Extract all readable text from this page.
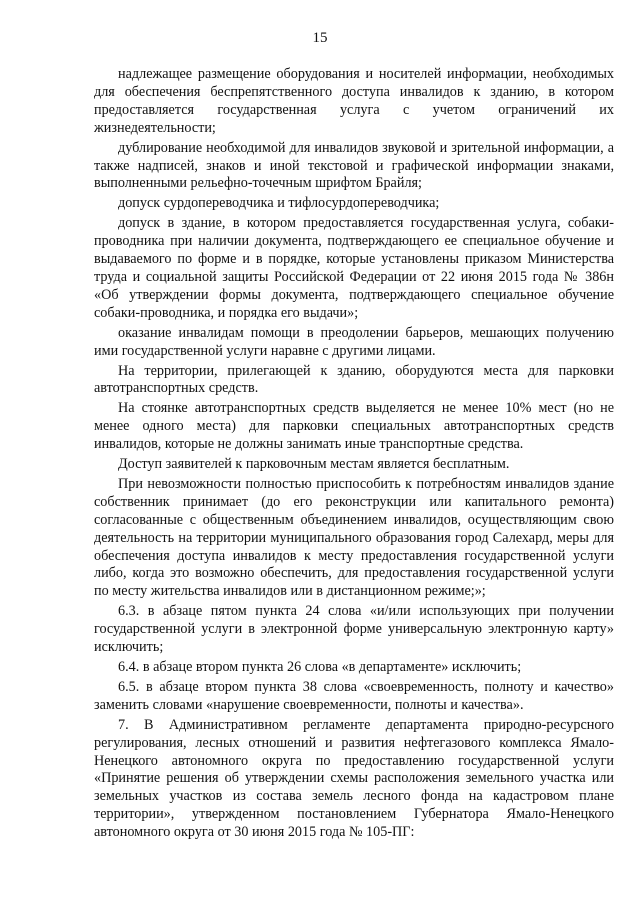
15

надлежащее размещение оборудования и носителей информации, необходимых для обеспечения беспрепятственного доступа инвалидов к зданию, в котором предоставляется государственная услуга с учетом ограничений их жизнедеятельности;

дублирование необходимой для инвалидов звуковой и зрительной информации, а также надписей, знаков и иной текстовой и графической информации знаками, выполненными рельефно-точечным шрифтом Брайля;

допуск сурдопереводчика и тифлосурдопереводчика;

допуск в здание, в котором предоставляется государственная услуга, собаки-проводника при наличии документа, подтверждающего ее специальное обучение и выдаваемого по форме и в порядке, которые установлены приказом Министерства труда и социальной защиты Российской Федерации от 22 июня 2015 года № 386н «Об утверждении формы документа, подтверждающего специальное обучение собаки-проводника, и порядка его выдачи»;

оказание инвалидам помощи в преодолении барьеров, мешающих получению ими государственной услуги наравне с другими лицами.

На территории, прилегающей к зданию, оборудуются места для парковки автотранспортных средств.

На стоянке автотранспортных средств выделяется не менее 10% мест (но не менее одного места) для парковки специальных автотранспортных средств инвалидов, которые не должны занимать иные транспортные средства.

Доступ заявителей к парковочным местам является бесплатным.

При невозможности полностью приспособить к потребностям инвалидов здание собственник принимает (до его реконструкции или капитального ремонта) согласованные с общественным объединением инвалидов, осуществляющим свою деятельность на территории муниципального образования город Салехард, меры для обеспечения доступа инвалидов к месту предоставления государственной услуги либо, когда это возможно обеспечить, для предоставления государственной услуги по месту жительства инвалидов или в дистанционном режиме;»;

6.3. в абзаце пятом пункта 24 слова «и/или использующих при получении государственной услуги в электронной форме универсальную электронную карту» исключить;

6.4. в абзаце втором пункта 26 слова «в департаменте» исключить;

6.5. в абзаце втором пункта 38 слова «своевременность, полноту и качество» заменить словами «нарушение своевременности, полноты и качества».

7. В Административном регламенте департамента природно-ресурсного регулирования, лесных отношений и развития нефтегазового комплекса Ямало-Ненецкого автономного округа по предоставлению государственной услуги «Принятие решения об утверждении схемы расположения земельного участка или земельных участков из состава земель лесного фонда на кадастровом плане территории», утвержденном постановлением Губернатора Ямало-Ненецкого автономного округа от 30 июня 2015 года № 105-ПГ:
